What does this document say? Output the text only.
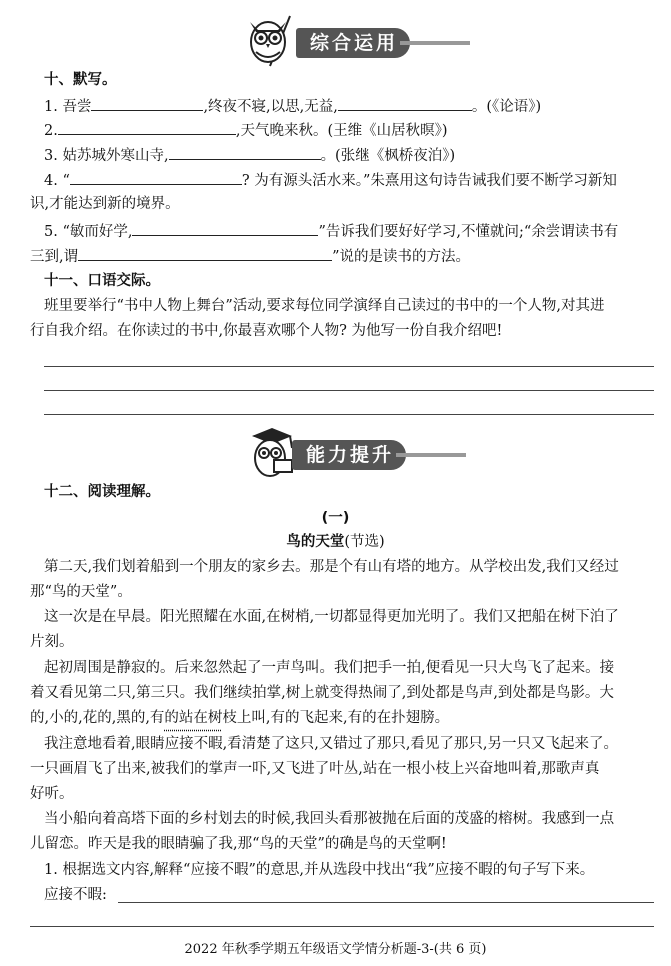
综合运用
十、默写。
1. 吾尝	,终夜不寝,以思,无益,	。(《论语》)
2.	,天气晚来秋。(王维《山居秋暝》)
3. 姑苏城外寒山寺,	。(张继《枫桥夜泊》)
4. “	? 为有源头活水来。”朱熹用这句诗告诫我们要不断学习新知
识,才能达到新的境界。
5. “敏而好学,	”告诉我们要好好学习,不懂就问;“余尝谓读书有
三到,谓	”说的是读书的方法。
十一、口语交际。
班里要举行“书中人物上舞台”活动,要求每位同学演绎自己读过的书中的一个人物,对其进
行自我介绍。在你读过的书中,你最喜欢哪个人物? 为他写一份自我介绍吧!
能力提升
十二、阅读理解。
(一)
鸟的天堂(节选)
第二天,我们划着船到一个朋友的家乡去。那是个有山有塔的地方。从学校出发,我们又经过
那“鸟的天堂”。
这一次是在早晨。阳光照耀在水面,在树梢,一切都显得更加光明了。我们又把船在树下泊了
片刻。
起初周围是静寂的。后来忽然起了一声鸟叫。我们把手一拍,便看见一只大鸟飞了起来。接
着又看见第二只,第三只。我们继续拍掌,树上就变得热闹了,到处都是鸟声,到处都是鸟影。大
的,小的,花的,黑的,有的站在树枝上叫,有的飞起来,有的在扑翅膀。
我注意地看着,眼睛应接不暇,看清楚了这只,又错过了那只,看见了那只,另一只又飞起来了。
一只画眉飞了出来,被我们的掌声一吓,又飞进了叶丛,站在一根小枝上兴奋地叫着,那歌声真
好听。
当小船向着高塔下面的乡村划去的时候,我回头看那被抛在后面的茂盛的榕树。我感到一点
儿留恋。昨天是我的眼睛骗了我,那“鸟的天堂”的确是鸟的天堂啊!
1. 根据选文内容,解释“应接不暇”的意思,并从选段中找出“我”应接不暇的句子写下来。
应接不暇:
2022 年秋季学期五年级语文学情分析题-3-(共 6 页)
